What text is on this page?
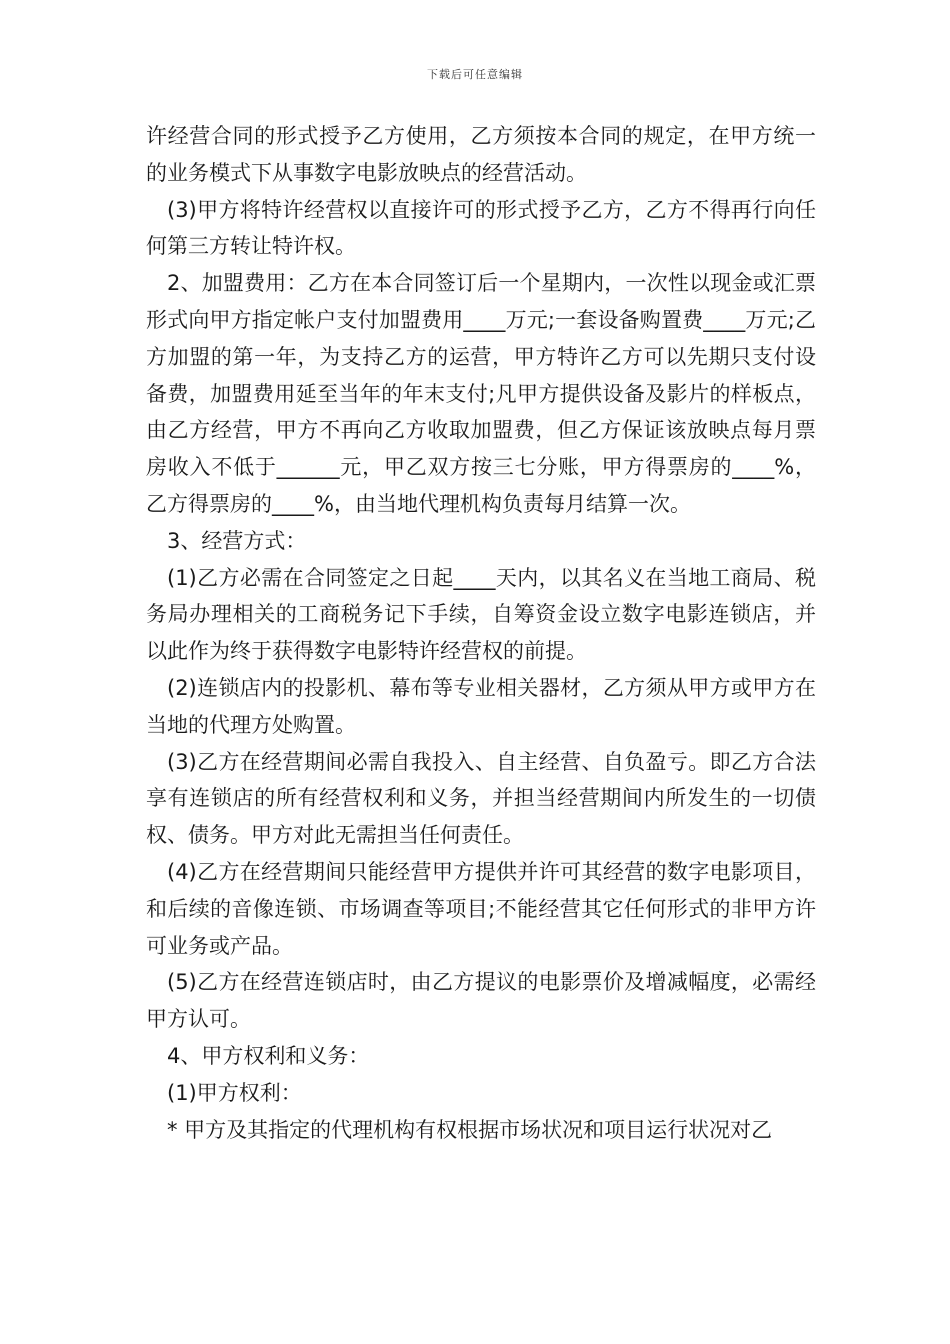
下载后可任意编辑

许经营合同的形式授予乙方使用，乙方须按本合同的规定，在甲方统一的业务模式下从事数字电影放映点的经营活动。

(3)甲方将特许经营权以直接许可的形式授予乙方，乙方不得再行向任何第三方转让特许权。

2、加盟费用：乙方在本合同签订后一个星期内，一次性以现金或汇票形式向甲方指定帐户支付加盟费用____万元;一套设备购置费____万元;乙方加盟的第一年，为支持乙方的运营，甲方特许乙方可以先期只支付设备费，加盟费用延至当年的年末支付;凡甲方提供设备及影片的样板点，由乙方经营，甲方不再向乙方收取加盟费，但乙方保证该放映点每月票房收入不低于______元，甲乙双方按三七分账，甲方得票房的____%，乙方得票房的____%，由当地代理机构负责每月结算一次。

3、经营方式：

(1)乙方必需在合同签定之日起____天内，以其名义在当地工商局、税务局办理相关的工商税务记下手续，自筹资金设立数字电影连锁店，并以此作为终于获得数字电影特许经营权的前提。

(2)连锁店内的投影机、幕布等专业相关器材，乙方须从甲方或甲方在当地的代理方处购置。

(3)乙方在经营期间必需自我投入、自主经营、自负盈亏。即乙方合法享有连锁店的所有经营权利和义务，并担当经营期间内所发生的一切债权、债务。甲方对此无需担当任何责任。

(4)乙方在经营期间只能经营甲方提供并许可其经营的数字电影项目，和后续的音像连锁、市场调查等项目;不能经营其它任何形式的非甲方许可业务或产品。

(5)乙方在经营连锁店时，由乙方提议的电影票价及增减幅度，必需经甲方认可。

4、甲方权利和义务：

(1)甲方权利：

* 甲方及其指定的代理机构有权根据市场状况和项目运行状况对乙
